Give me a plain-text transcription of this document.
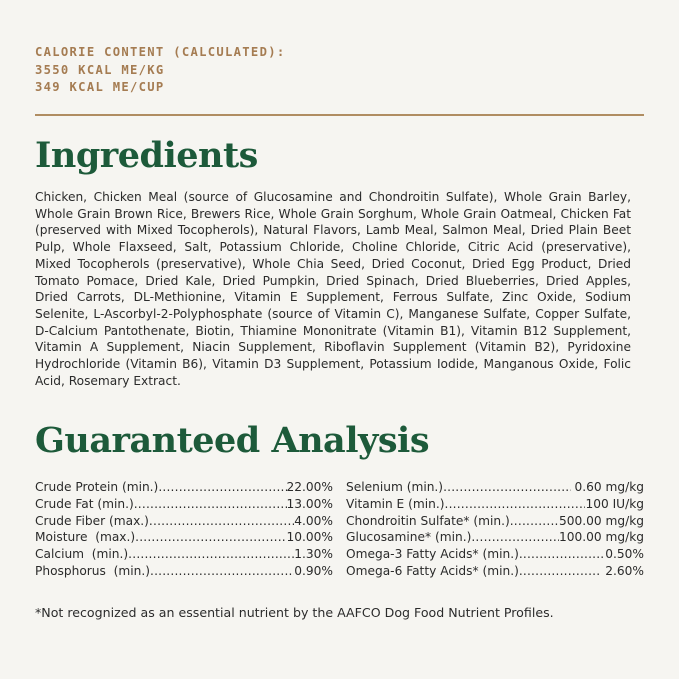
CALORIE CONTENT (CALCULATED):
3550 KCAL ME/KG
349 KCAL ME/CUP
Ingredients

Chicken, Chicken Meal (source of Glucosamine and Chondroitin Sulfate), Whole Grain Barley, Whole Grain Brown Rice, Brewers Rice, Whole Grain Sorghum, Whole Grain Oatmeal, Chicken Fat (preserved with Mixed Tocopherols), Natural Flavors, Lamb Meal, Salmon Meal, Dried Plain Beet Pulp, Whole Flaxseed, Salt, Potassium Chloride, Choline Chloride, Citric Acid (preservative), Mixed Tocopherols (preservative), Whole Chia Seed, Dried Coconut, Dried Egg Product, Dried Tomato Pomace, Dried Kale, Dried Pumpkin, Dried Spinach, Dried Blueberries, Dried Apples, Dried Carrots, DL-Methionine, Vitamin E Supplement, Ferrous Sulfate, Zinc Oxide, Sodium Selenite, L-Ascorbyl-2-Polyphosphate (source of Vitamin C), Manganese Sulfate, Copper Sulfate, D-Calcium Pantothenate, Biotin, Thiamine Mononitrate (Vitamin B1), Vitamin B12 Supplement, Vitamin A Supplement, Niacin Supplement, Riboflavin Supplement (Vitamin B2), Pyridoxine Hydrochloride (Vitamin B6), Vitamin D3 Supplement, Potassium Iodide, Manganous Oxide, Folic Acid, Rosemary Extract.

Guaranteed Analysis
Crude Protein (min.) .....	22.00%
Crude Fat (min.) .....	13.00%
Crude Fiber (max.) .....	4.00%
Moisture  (max.) .....	10.00%
Calcium  (min.) .....	1.30%
Phosphorus  (min.) .....	0.90%
Selenium (min.) .....	0.60 mg/kg
Vitamin E (min.) .....	100 IU/kg
Chondroitin Sulfate* (min.) .....	500.00 mg/kg
Glucosamine* (min.) .....	100.00 mg/kg
Omega-3 Fatty Acids* (min.) .....	0.50%
Omega-6 Fatty Acids* (min.) .....	2.60%
*Not recognized as an essential nutrient by the AAFCO Dog Food Nutrient Profiles.
